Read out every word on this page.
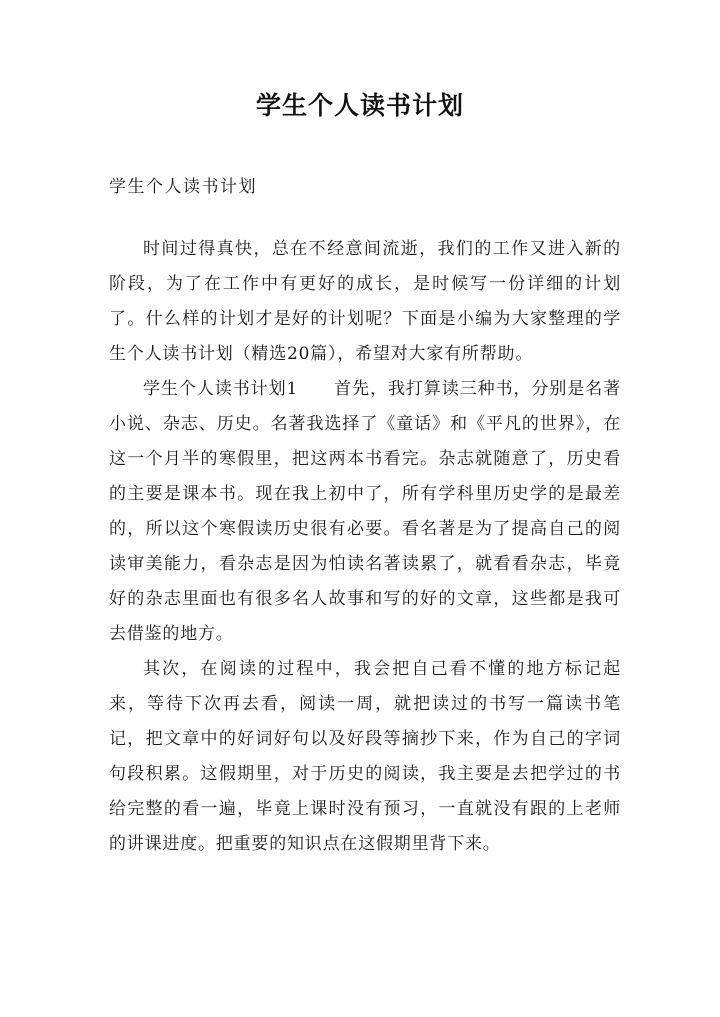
学生个人读书计划
学生个人读书计划

时间过得真快，总在不经意间流逝，我们的工作又进入新的阶段，为了在工作中有更好的成长，是时候写一份详细的计划了。什么样的计划才是好的计划呢？下面是小编为大家整理的学生个人读书计划（精选20篇），希望对大家有所帮助。

学生个人读书计划1　　首先，我打算读三种书，分别是名著小说、杂志、历史。名著我选择了《童话》和《平凡的世界》，在这一个月半的寒假里，把这两本书看完。杂志就随意了，历史看的主要是课本书。现在我上初中了，所有学科里历史学的是最差的，所以这个寒假读历史很有必要。看名著是为了提高自己的阅读审美能力，看杂志是因为怕读名著读累了，就看看杂志，毕竟好的杂志里面也有很多名人故事和写的好的文章，这些都是我可去借鉴的地方。

其次，在阅读的过程中，我会把自己看不懂的地方标记起来，等待下次再去看，阅读一周，就把读过的书写一篇读书笔记，把文章中的好词好句以及好段等摘抄下来，作为自己的字词句段积累。这假期里，对于历史的阅读，我主要是去把学过的书给完整的看一遍，毕竟上课时没有预习，一直就没有跟的上老师的讲课进度。把重要的知识点在这假期里背下来。
